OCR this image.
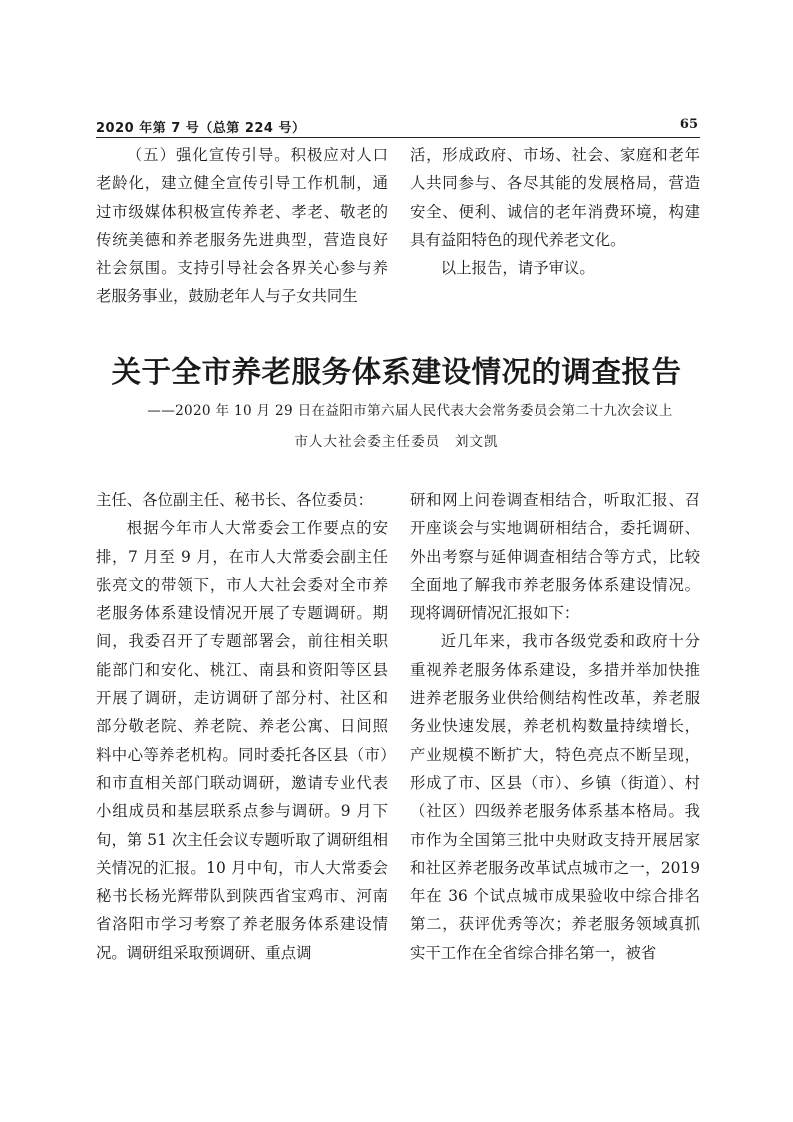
2020 年第 7 号（总第 224 号）	65

（五）强化宣传引导。积极应对人口老龄化，建立健全宣传引导工作机制，通过市级媒体积极宣传养老、孝老、敬老的传统美德和养老服务先进典型，营造良好社会氛围。支持引导社会各界关心参与养老服务事业，鼓励老年人与子女共同生

活，形成政府、市场、社会、家庭和老年人共同参与、各尽其能的发展格局，营造安全、便利、诚信的老年消费环境，构建具有益阳特色的现代养老文化。

以上报告，请予审议。

关于全市养老服务体系建设情况的调查报告
——2020 年 10 月 29 日在益阳市第六届人民代表大会常务委员会第二十九次会议上
市人大社会委主任委员　刘文凯

主任、各位副主任、秘书长、各位委员：

根据今年市人大常委会工作要点的安排，7 月至 9 月，在市人大常委会副主任张亮文的带领下，市人大社会委对全市养老服务体系建设情况开展了专题调研。期间，我委召开了专题部署会，前往相关职能部门和安化、桃江、南县和资阳等区县开展了调研，走访调研了部分村、社区和部分敬老院、养老院、养老公寓、日间照料中心等养老机构。同时委托各区县（市）和市直相关部门联动调研，邀请专业代表小组成员和基层联系点参与调研。9 月下旬，第 51 次主任会议专题听取了调研组相关情况的汇报。10 月中旬，市人大常委会秘书长杨光辉带队到陕西省宝鸡市、河南省洛阳市学习考察了养老服务体系建设情况。调研组采取预调研、重点调

研和网上问卷调查相结合，听取汇报、召开座谈会与实地调研相结合，委托调研、外出考察与延伸调查相结合等方式，比较全面地了解我市养老服务体系建设情况。现将调研情况汇报如下：

近几年来，我市各级党委和政府十分重视养老服务体系建设，多措并举加快推进养老服务业供给侧结构性改革，养老服务业快速发展，养老机构数量持续增长，产业规模不断扩大，特色亮点不断呈现，形成了市、区县（市）、乡镇（街道）、村（社区）四级养老服务体系基本格局。我市作为全国第三批中央财政支持开展居家和社区养老服务改革试点城市之一，2019 年在 36 个试点城市成果验收中综合排名第二，获评优秀等次；养老服务领域真抓实干工作在全省综合排名第一，被省
